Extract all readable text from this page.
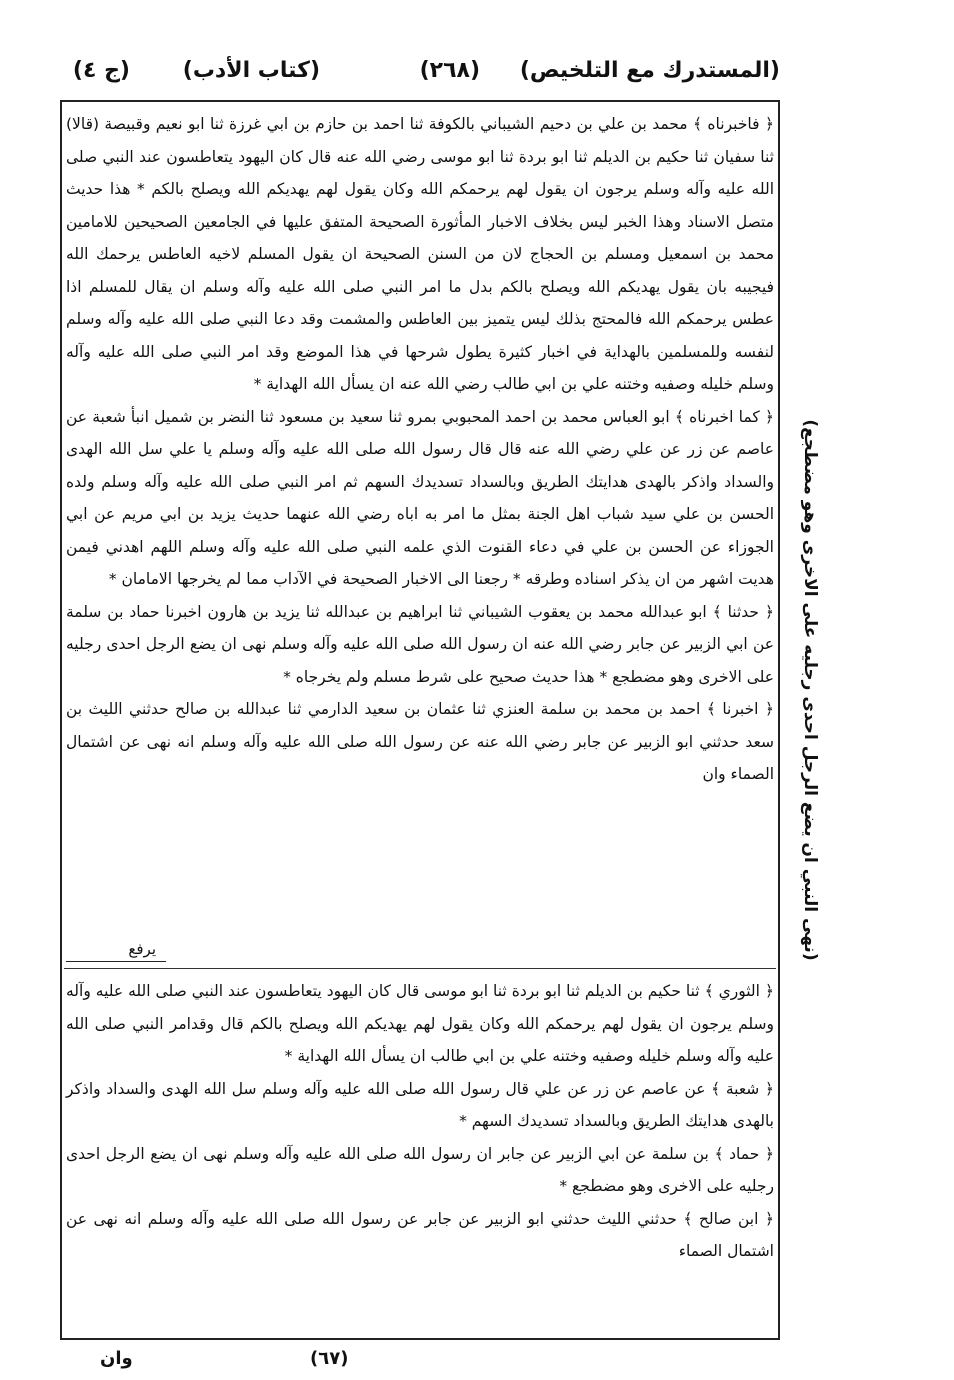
(المستدرك مع التلخيص)
(٢٦٨)
(كتاب الأدب)
(ج ٤)

﴿ فاخبرناه ﴾ محمد بن علي بن دحيم الشيباني بالكوفة ثنا احمد بن حازم بن ابي غرزة ثنا ابو نعيم وقبيصة (قالا) ثنا سفيان ثنا حكيم بن الديلم ثنا ابو بردة ثنا ابو موسى رضي الله عنه قال كان اليهود يتعاطسون عند النبي صلى الله عليه وآله وسلم يرجون ان يقول لهم يرحمكم الله وكان يقول لهم يهديكم الله ويصلح بالكم * هذا حديث متصل الاسناد وهذا الخبر ليس بخلاف الاخبار المأثورة الصحيحة المتفق عليها في الجامعين الصحيحين للامامين محمد بن اسمعيل ومسلم بن الحجاج لان من السنن الصحيحة ان يقول المسلم لاخيه العاطس يرحمك الله فيجيبه بان يقول يهديكم الله ويصلح بالكم بدل ما امر النبي صلى الله عليه وآله وسلم ان يقال للمسلم اذا عطس يرحمكم الله فالمحتج بذلك ليس يتميز بين العاطس والمشمت وقد دعا النبي صلى الله عليه وآله وسلم لنفسه وللمسلمين بالهداية في اخبار كثيرة يطول شرحها في هذا الموضع وقد امر النبي صلى الله عليه وآله وسلم خليله وصفيه وختنه علي بن ابي طالب رضي الله عنه ان يسأل الله الهداية *

﴿ كما اخبرناه ﴾ ابو العباس محمد بن احمد المحبوبي بمرو ثنا سعيد بن مسعود ثنا النضر بن شميل انبأ شعبة عن عاصم عن زر عن علي رضي الله عنه قال قال رسول الله صلى الله عليه وآله وسلم يا علي سل الله الهدى والسداد واذكر بالهدى هدايتك الطريق وبالسداد تسديدك السهم ثم امر النبي صلى الله عليه وآله وسلم ولده الحسن بن علي سيد شباب اهل الجنة بمثل ما امر به اباه رضي الله عنهما حديث يزيد بن ابي مريم عن ابي الجوزاء عن الحسن بن علي في دعاء القنوت الذي علمه النبي صلى الله عليه وآله وسلم اللهم اهدني فيمن هديت اشهر من ان يذكر اسناده وطرقه * رجعنا الى الاخبار الصحيحة في الآداب مما لم يخرجها الامامان *

﴿ حدثنا ﴾ ابو عبدالله محمد بن يعقوب الشيباني ثنا ابراهيم بن عبدالله ثنا يزيد بن هارون اخبرنا حماد بن سلمة عن ابي الزبير عن جابر رضي الله عنه ان رسول الله صلى الله عليه وآله وسلم نهى ان يضع الرجل احدى رجليه على الاخرى وهو مضطجع * هذا حديث صحيح على شرط مسلم ولم يخرجاه *

﴿ اخبرنا ﴾ احمد بن محمد بن سلمة العنزي ثنا عثمان بن سعيد الدارمي ثنا عبدالله بن صالح حدثني الليث بن سعد حدثني ابو الزبير عن جابر رضي الله عنه عن رسول الله صلى الله عليه وآله وسلم انه نهى عن اشتمال الصماء وان

يرفع

﴿ الثوري ﴾ ثنا حكيم بن الديلم ثنا ابو بردة ثنا ابو موسى قال كان اليهود يتعاطسون عند النبي صلى الله عليه وآله وسلم يرجون ان يقول لهم يرحمكم الله وكان يقول لهم يهديكم الله ويصلح بالكم قال وقدامر النبي صلى الله عليه وآله وسلم خليله وصفيه وختنه علي بن ابي طالب ان يسأل الله الهداية *

﴿ شعبة ﴾ عن عاصم عن زر عن علي قال رسول الله صلى الله عليه وآله وسلم سل الله الهدى والسداد واذكر بالهدى هدايتك الطريق وبالسداد تسديدك السهم *

﴿ حماد ﴾ بن سلمة عن ابي الزبير عن جابر ان رسول الله صلى الله عليه وآله وسلم نهى ان يضع الرجل احدى رجليه على الاخرى وهو مضطجع *

﴿ ابن صالح ﴾ حدثني الليث حدثني ابو الزبير عن جابر عن رسول الله صلى الله عليه وآله وسلم انه نهى عن اشتمال الصماء

(نهى النبي ان يضع الرجل احدى رجليه على الاخرى وهو مضطجع)
وان	(٦٧)
